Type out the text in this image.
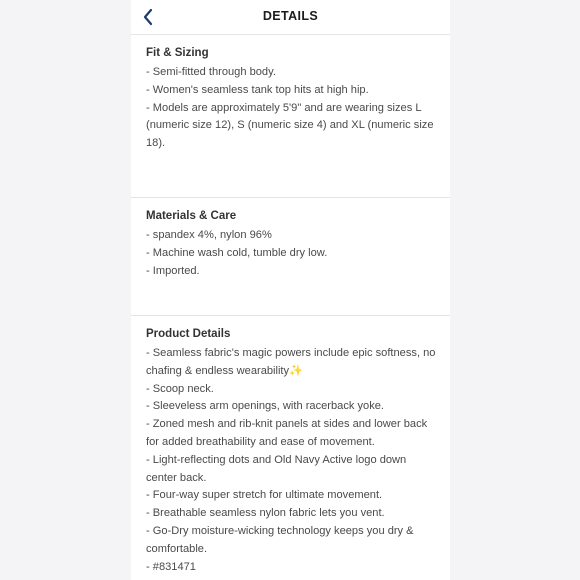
DETAILS
Fit & Sizing
- Semi-fitted through body.
- Women's seamless tank top hits at high hip.
- Models are approximately 5'9" and are wearing sizes L (numeric size 12), S (numeric size 4) and XL (numeric size 18).
Materials & Care
- spandex 4%, nylon 96%
- Machine wash cold, tumble dry low.
- Imported.
Product Details
- Seamless fabric's magic powers include epic softness, no chafing & endless wearability✨
- Scoop neck.
- Sleeveless arm openings, with racerback yoke.
- Zoned mesh and rib-knit panels at sides and lower back for added breathability and ease of movement.
- Light-reflecting dots and Old Navy Active logo down center back.
- Four-way super stretch for ultimate movement.
- Breathable seamless nylon fabric lets you vent.
- Go-Dry moisture-wicking technology keeps you dry & comfortable.
- #831471
